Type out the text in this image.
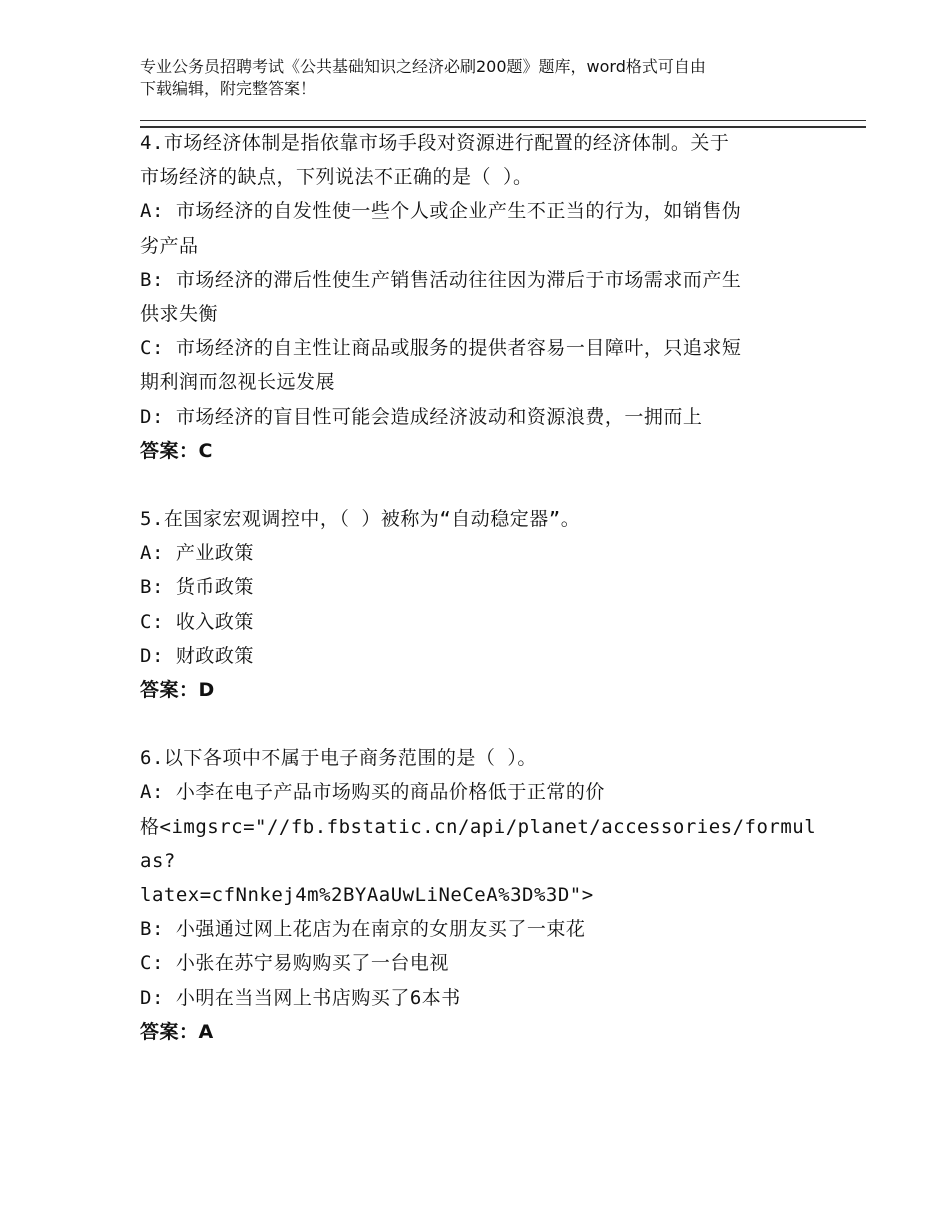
专业公务员招聘考试《公共基础知识之经济必刷200题》题库，word格式可自由
下载编辑，附完整答案！
4.市场经济体制是指依靠市场手段对资源进行配置的经济体制。关于
市场经济的缺点，下列说法不正确的是（ ）。
A: 市场经济的自发性使一些个人或企业产生不正当的行为，如销售伪
劣产品
B: 市场经济的滞后性使生产销售活动往往因为滞后于市场需求而产生
供求失衡
C: 市场经济的自主性让商品或服务的提供者容易一目障叶，只追求短
期利润而忽视长远发展
D: 市场经济的盲目性可能会造成经济波动和资源浪费，一拥而上
答案：C
5.在国家宏观调控中，（ ）被称为“自动稳定器”。
A: 产业政策
B: 货币政策
C: 收入政策
D: 财政政策
答案：D
6.以下各项中不属于电子商务范围的是（ ）。
A: 小李在电子产品市场购买的商品价格低于正常的价
格<imgsrc="//fb.fbstatic.cn/api/planet/accessories/formulas?
latex=cfNnkej4m%2BYAaUwLiNeCeA%3D%3D">
B: 小强通过网上花店为在南京的女朋友买了一束花
C: 小张在苏宁易购购买了一台电视
D: 小明在当当网上书店购买了6本书
答案：A
